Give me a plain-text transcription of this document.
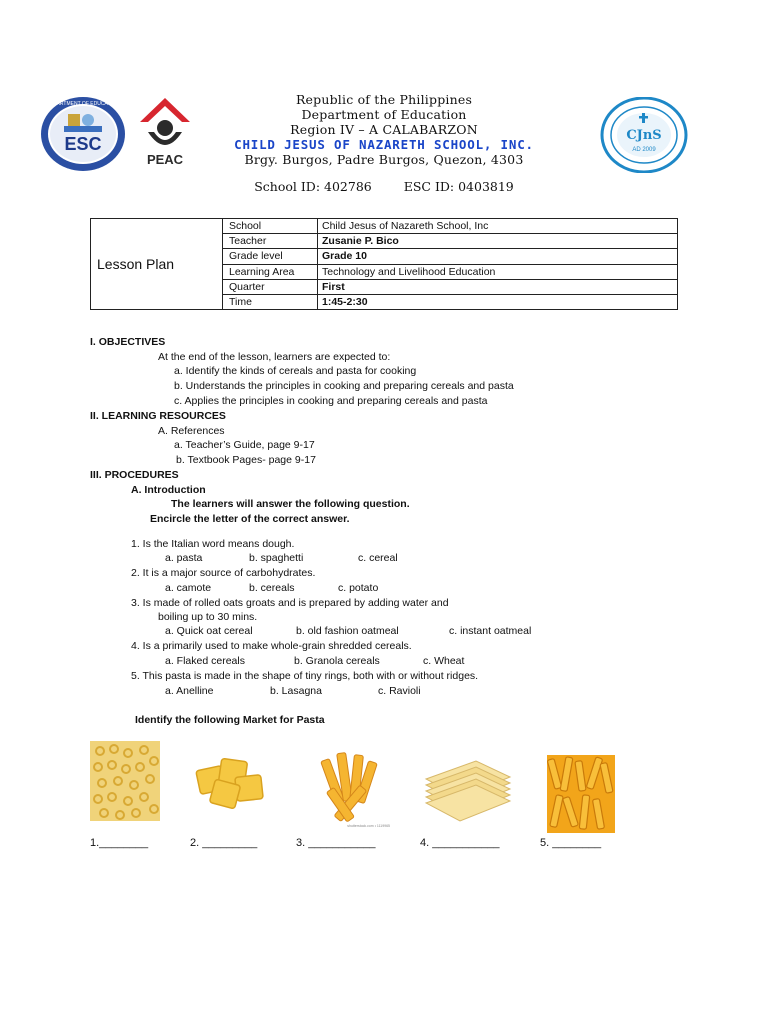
ESC
DEPARTMENT OF EDUCATION
PEAC
CJnS
AD 2009
Republic of the Philippines
Department of Education
Region IV – A CALABARZON
CHILD JESUS OF NAZARETH SCHOOL, INC.
Brgy. Burgos, Padre Burgos, Quezon, 4303
School ID: 402786	ESC ID: 0403819
Lesson Plan
School	Child Jesus of Nazareth School, Inc
Teacher	Zusanie P. Bico
Grade level	Grade 10
Learning Area	Technology and Livelihood Education
Quarter	First
Time	1:45-2:30
I. OBJECTIVES
At the end of the lesson, learners are expected to:
a. Identify the kinds of cereals and pasta for cooking
b. Understands the principles in cooking and preparing cereals and pasta
c. Applies the principles in cooking and preparing cereals and pasta
II. LEARNING RESOURCES
A. References
a. Teacher’s Guide, page 9-17
b. Textbook Pages- page 9-17
III. PROCEDURES
A. Introduction
The learners will answer the following question.
Encircle the letter of the correct answer.
1. Is the Italian word means dough.
a. pasta	b. spaghetti	c. cereal
2. It is a major source of carbohydrates.
a. camote	b. cereals	c. potato
3. Is made of rolled oats groats and is prepared by adding water and
boiling up to 30 mins.
a. Quick oat cereal	b. old fashion oatmeal	c. instant oatmeal
4. Is a primarily used to make whole-grain shredded cereals.
a. Flaked cereals	b. Granola cereals	c. Wheat
5. This pasta is made in the shape of tiny rings, both with or without ridges.
a. Anelline	b. Lasagna	c. Ravioli
Identify the following Market for Pasta
shutterstock.com • 1119965
1.________	2. _________	3. ___________	4. ___________	5. ________
